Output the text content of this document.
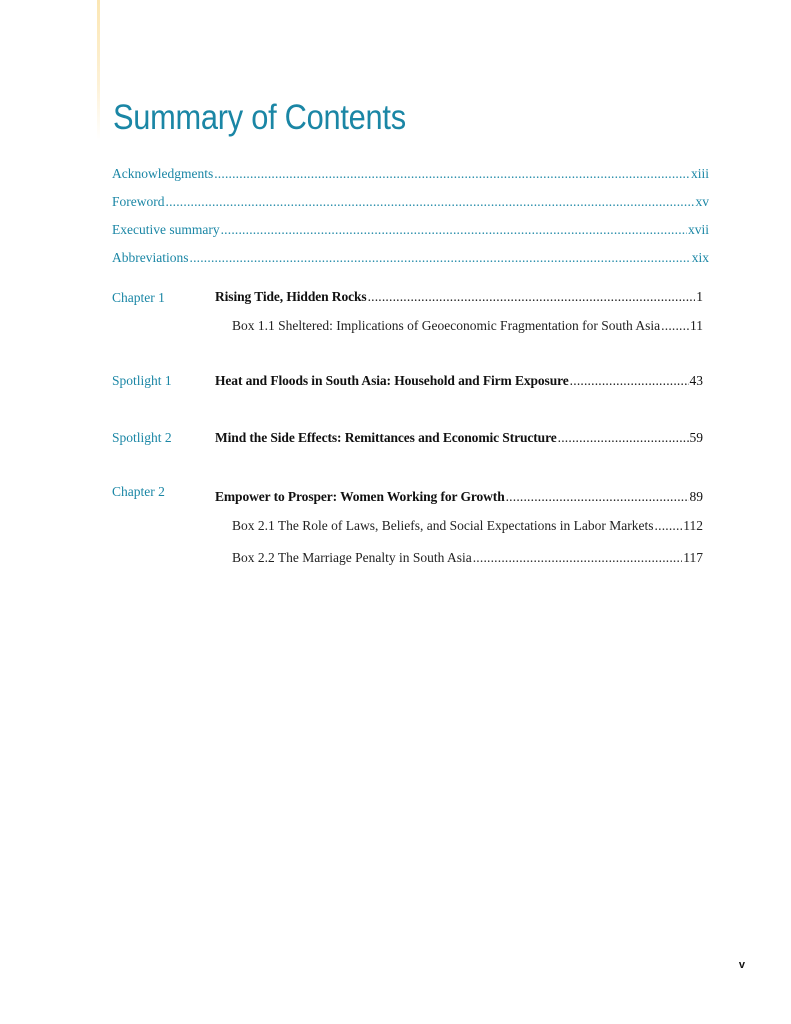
Summary of Contents
Acknowledgments .....	xiii
Foreword .....	xv
Executive summary .....	xvii
Abbreviations .....	xix
Chapter 1	Rising Tide, Hidden Rocks .....	1
Box 1.1 Sheltered: Implications of Geoeconomic Fragmentation for South Asia ..... 11
Spotlight 1	Heat and Floods in South Asia: Household and Firm Exposure .....	43
Spotlight 2	Mind the Side Effects: Remittances and Economic Structure .....	59
Chapter 2	Empower to Prosper: Women Working for Growth .....	89
Box 2.1 The Role of Laws, Beliefs, and Social Expectations in Labor Markets ..... 112
Box 2.2 The Marriage Penalty in South Asia .....	117
v
